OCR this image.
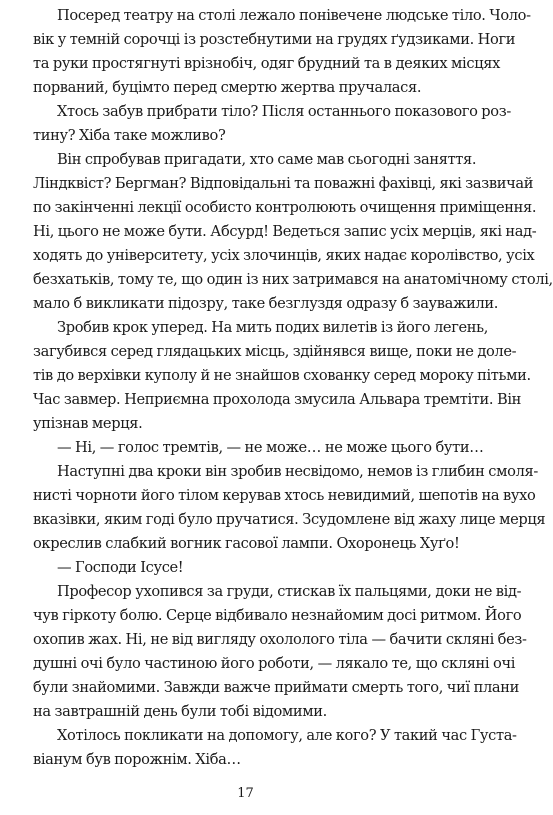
Посеред театру на столі лежало понівечене людське тіло. Чоло-
вік у темній сорочці із розстебнутими на грудях ґудзиками. Ноги
та руки простягнуті врізнобіч, одяг брудний та в деяких місцях
порваний, буцімто перед смертю жертва пручалася.
Хтось забув прибрати тіло? Після останнього показового роз-
тину? Хіба таке можливо?
Він спробував пригадати, хто саме мав сьогодні заняття.
Ліндквіст? Бергман? Відповідальні та поважні фахівці, які зазвичай
по закінченні лекції особисто контролюють очищення приміщення.
Ні, цього не може бути. Абсурд! Ведеться запис усіх мерців, які над-
ходять до університету, усіх злочинців, яких надає королівство, усіх
безхатьків, тому те, що один із них затримався на анатомічному столі,
мало б викликати підозру, таке безглуздя одразу б зауважили.
Зробив крок уперед. На мить подих вилетів із його легень,
загубився серед глядацьких місць, здійнявся вище, поки не доле-
тів до верхівки куполу й не знайшов схованку серед мороку пітьми.
Час завмер. Неприємна прохолода змусила Альвара тремтіти. Він
упізнав мерця.
— Ні, — голос тремтів, — не може… не може цього бути…
Наступні два кроки він зробив несвідомо, немов із глибин смоля-
нисті чорноти його тілом керував хтось невидимий, шепотів на вуxo
вказівки, яким годі було пручатися. Зсудомлене від жаху лице мерця
окреслив слабкий вогник гасової лампи. Охоронець Хуґо!
— Господи Ісусе!
Професор ухопився за груди, стискав їх пальцями, доки не від-
чув гіркоту болю. Серце відбивало незнайомим досі ритмом. Його
охопив жах. Ні, не від вигляду охололого тіла — бачити скляні без-
душні очі було частиною його роботи, — лякало те, що скляні очі
були знайомими. Завжди важче приймати смерть того, чиї плани
на завтрашній день були тобі відомими.
Хотілось покликати на допомогу, але кого? У такий час Густа-
віанум був порожнім. Хіба…
17
